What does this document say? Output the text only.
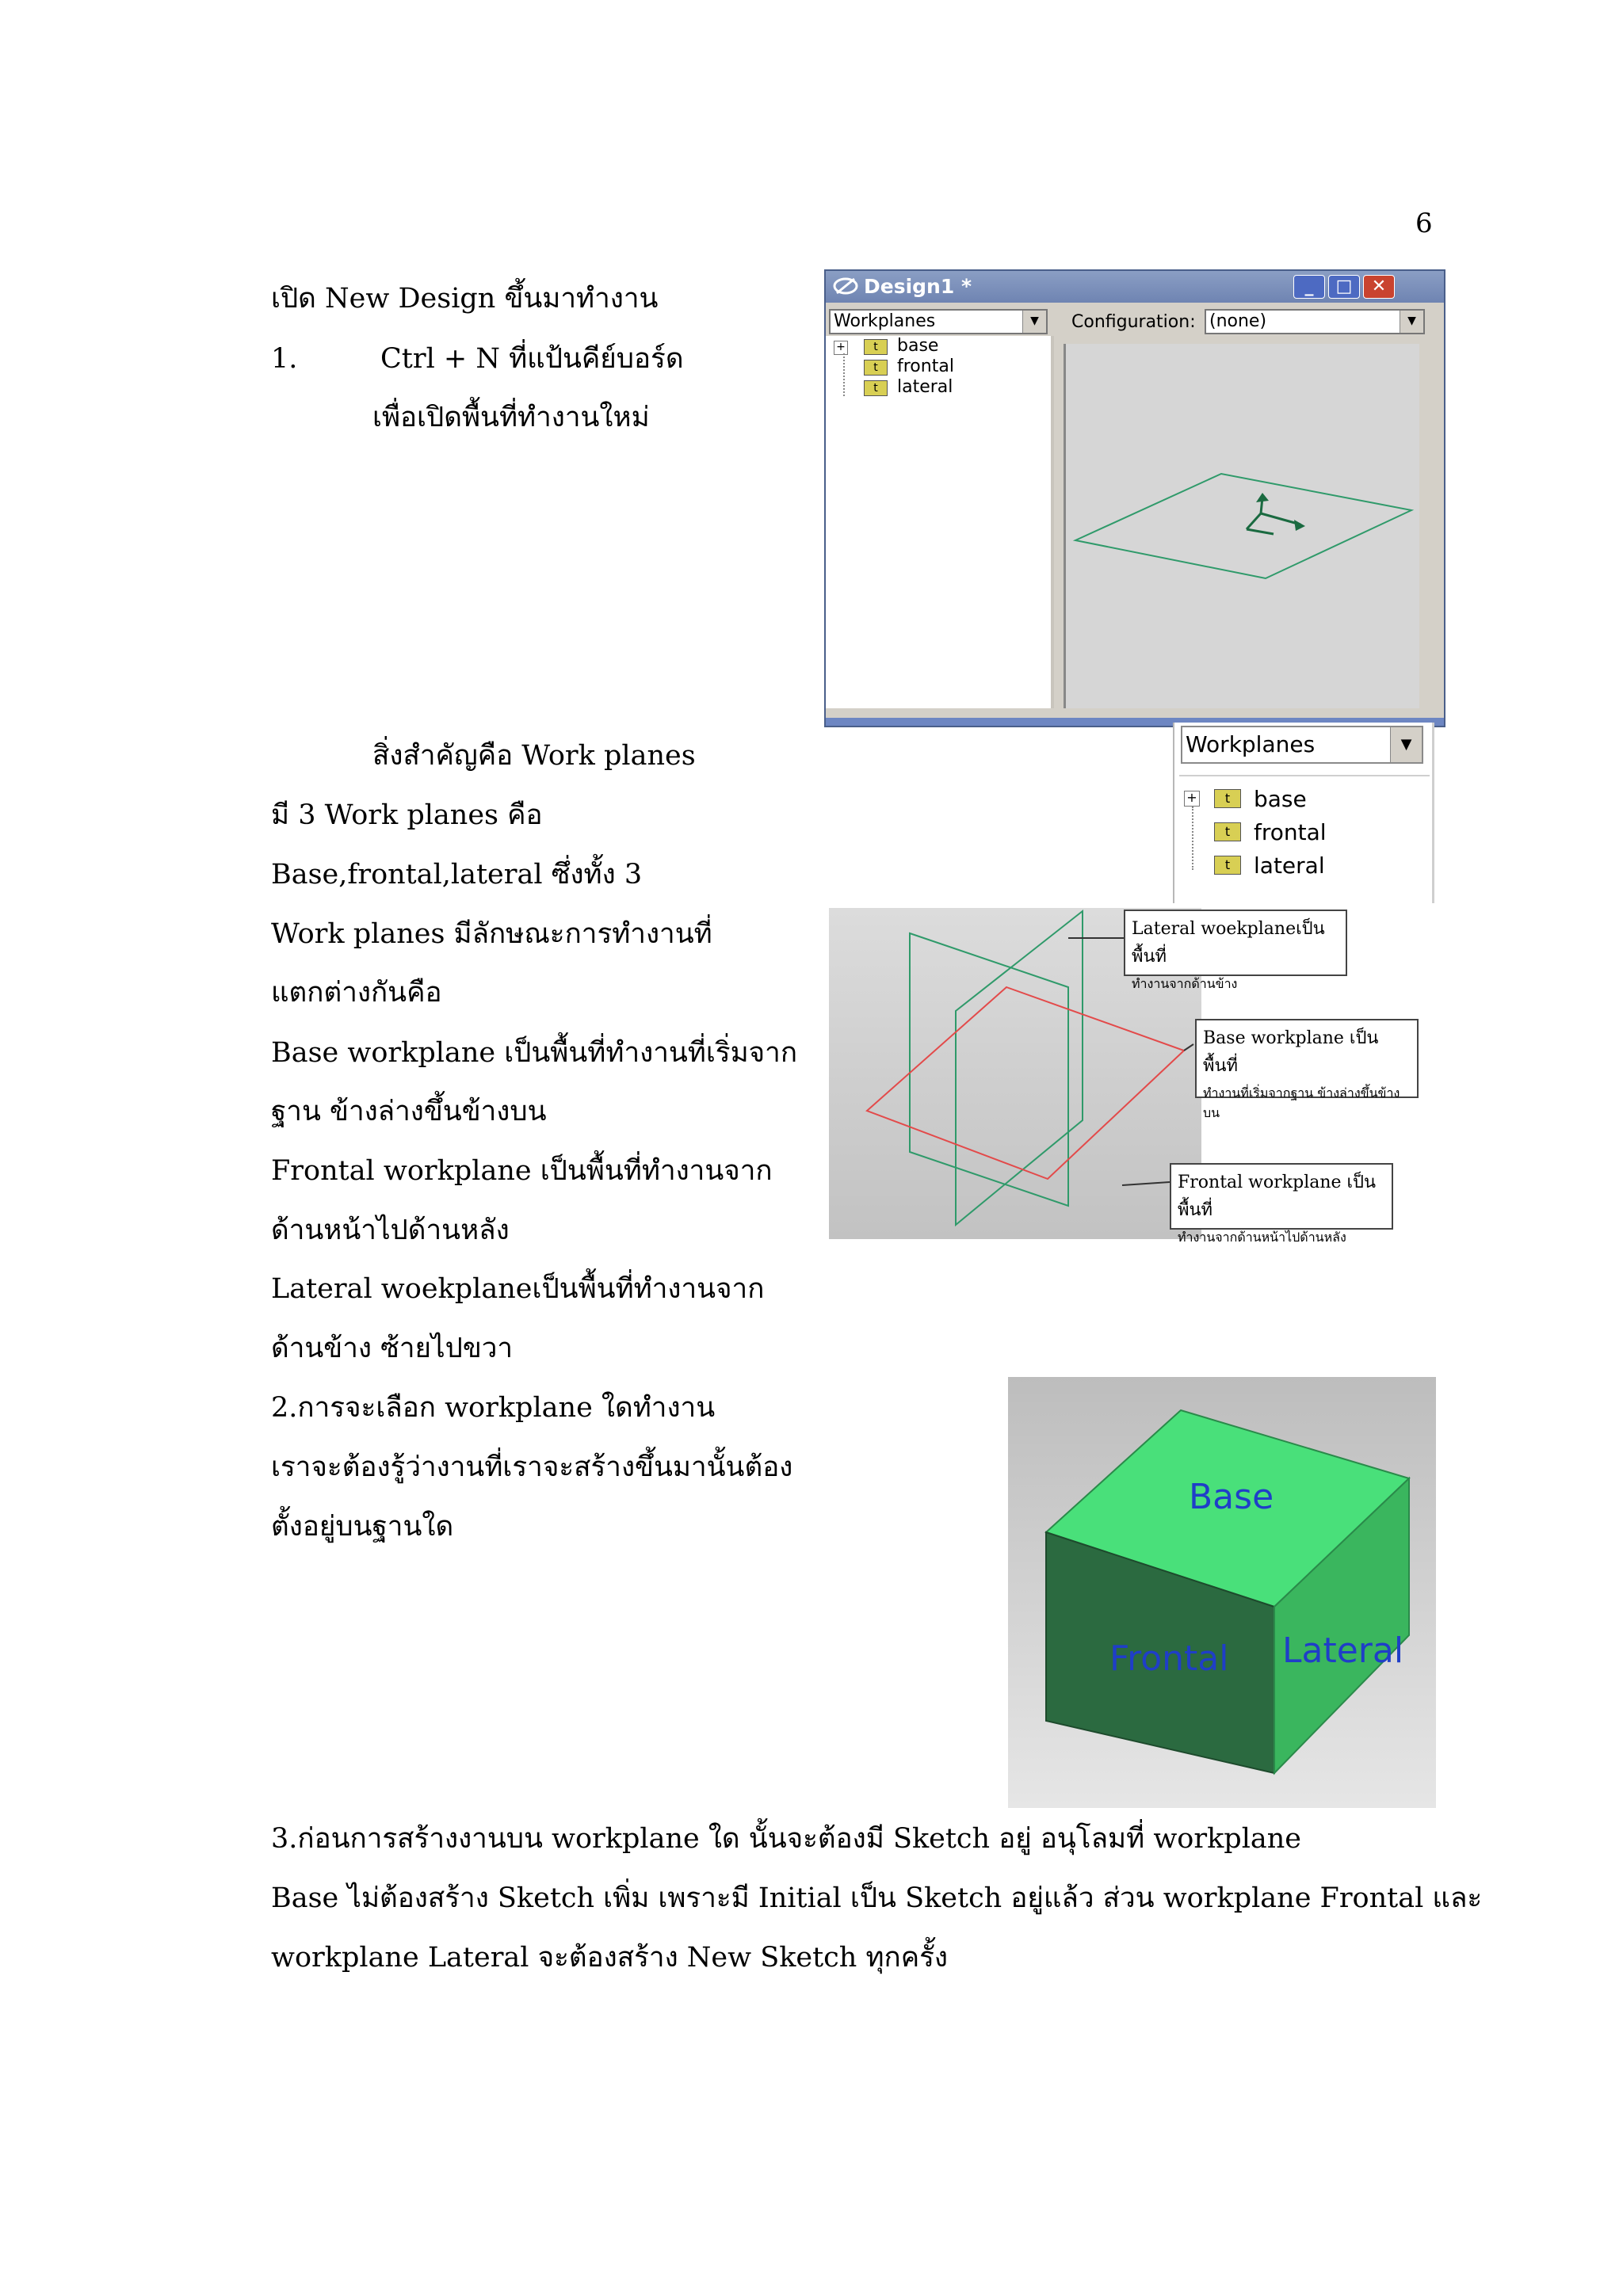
6
เปิด New Design ขึ้นมาทำงาน
1.	Ctrl + N ที่แป้นคีย์บอร์ด
เพื่อเปิดพื้นที่ทำงานใหม่
สิ่งสำคัญคือ Work planes
มี 3 Work planes คือ
Base,frontal,lateral ซึ่งทั้ง 3
Work planes มีลักษณะการทำงานที่
แตกต่างกันคือ
Base workplane เป็นพื้นที่ทำงานที่เริ่มจาก
ฐาน ข้างล่างขึ้นข้างบน
Frontal workplane เป็นพื้นที่ทำงานจาก
ด้านหน้าไปด้านหลัง
Lateral woekplaneเป็นพื้นที่ทำงานจาก
ด้านข้าง ซ้ายไปขวา
2.การจะเลือก workplane ใดทำงาน
เราจะต้องรู้ว่างานที่เราจะสร้างขึ้นมานั้นต้อง
ตั้งอยู่บนฐานใด
3.ก่อนการสร้างงานบน workplane ใด นั้นจะต้องมี Sketch อยู่ อนุโลมที่ workplane
Base ไม่ต้องสร้าง Sketch เพิ่ม เพราะมี Initial เป็น Sketch อยู่แล้ว ส่วน workplane Frontal และ
workplane Lateral จะต้องสร้าง New Sketch ทุกครั้ง
Design1 *	_	□	✕
Workplanes	▼	Configuration: (none)	▼
+	t	base
t	frontal
t	lateral
Workplanes	▼
+	t	base
t	frontal
t	lateral
Lateral woekplaneเป็นพื้นที่
ทำงานจากด้านข้าง
Base workplane เป็นพื้นที่
ทำงานที่เริ่มจากฐาน ข้างล่างขึ้นข้างบน
Frontal workplane เป็นพื้นที่
ทำงานจากด้านหน้าไปด้านหลัง
Base
Frontal Lateral
